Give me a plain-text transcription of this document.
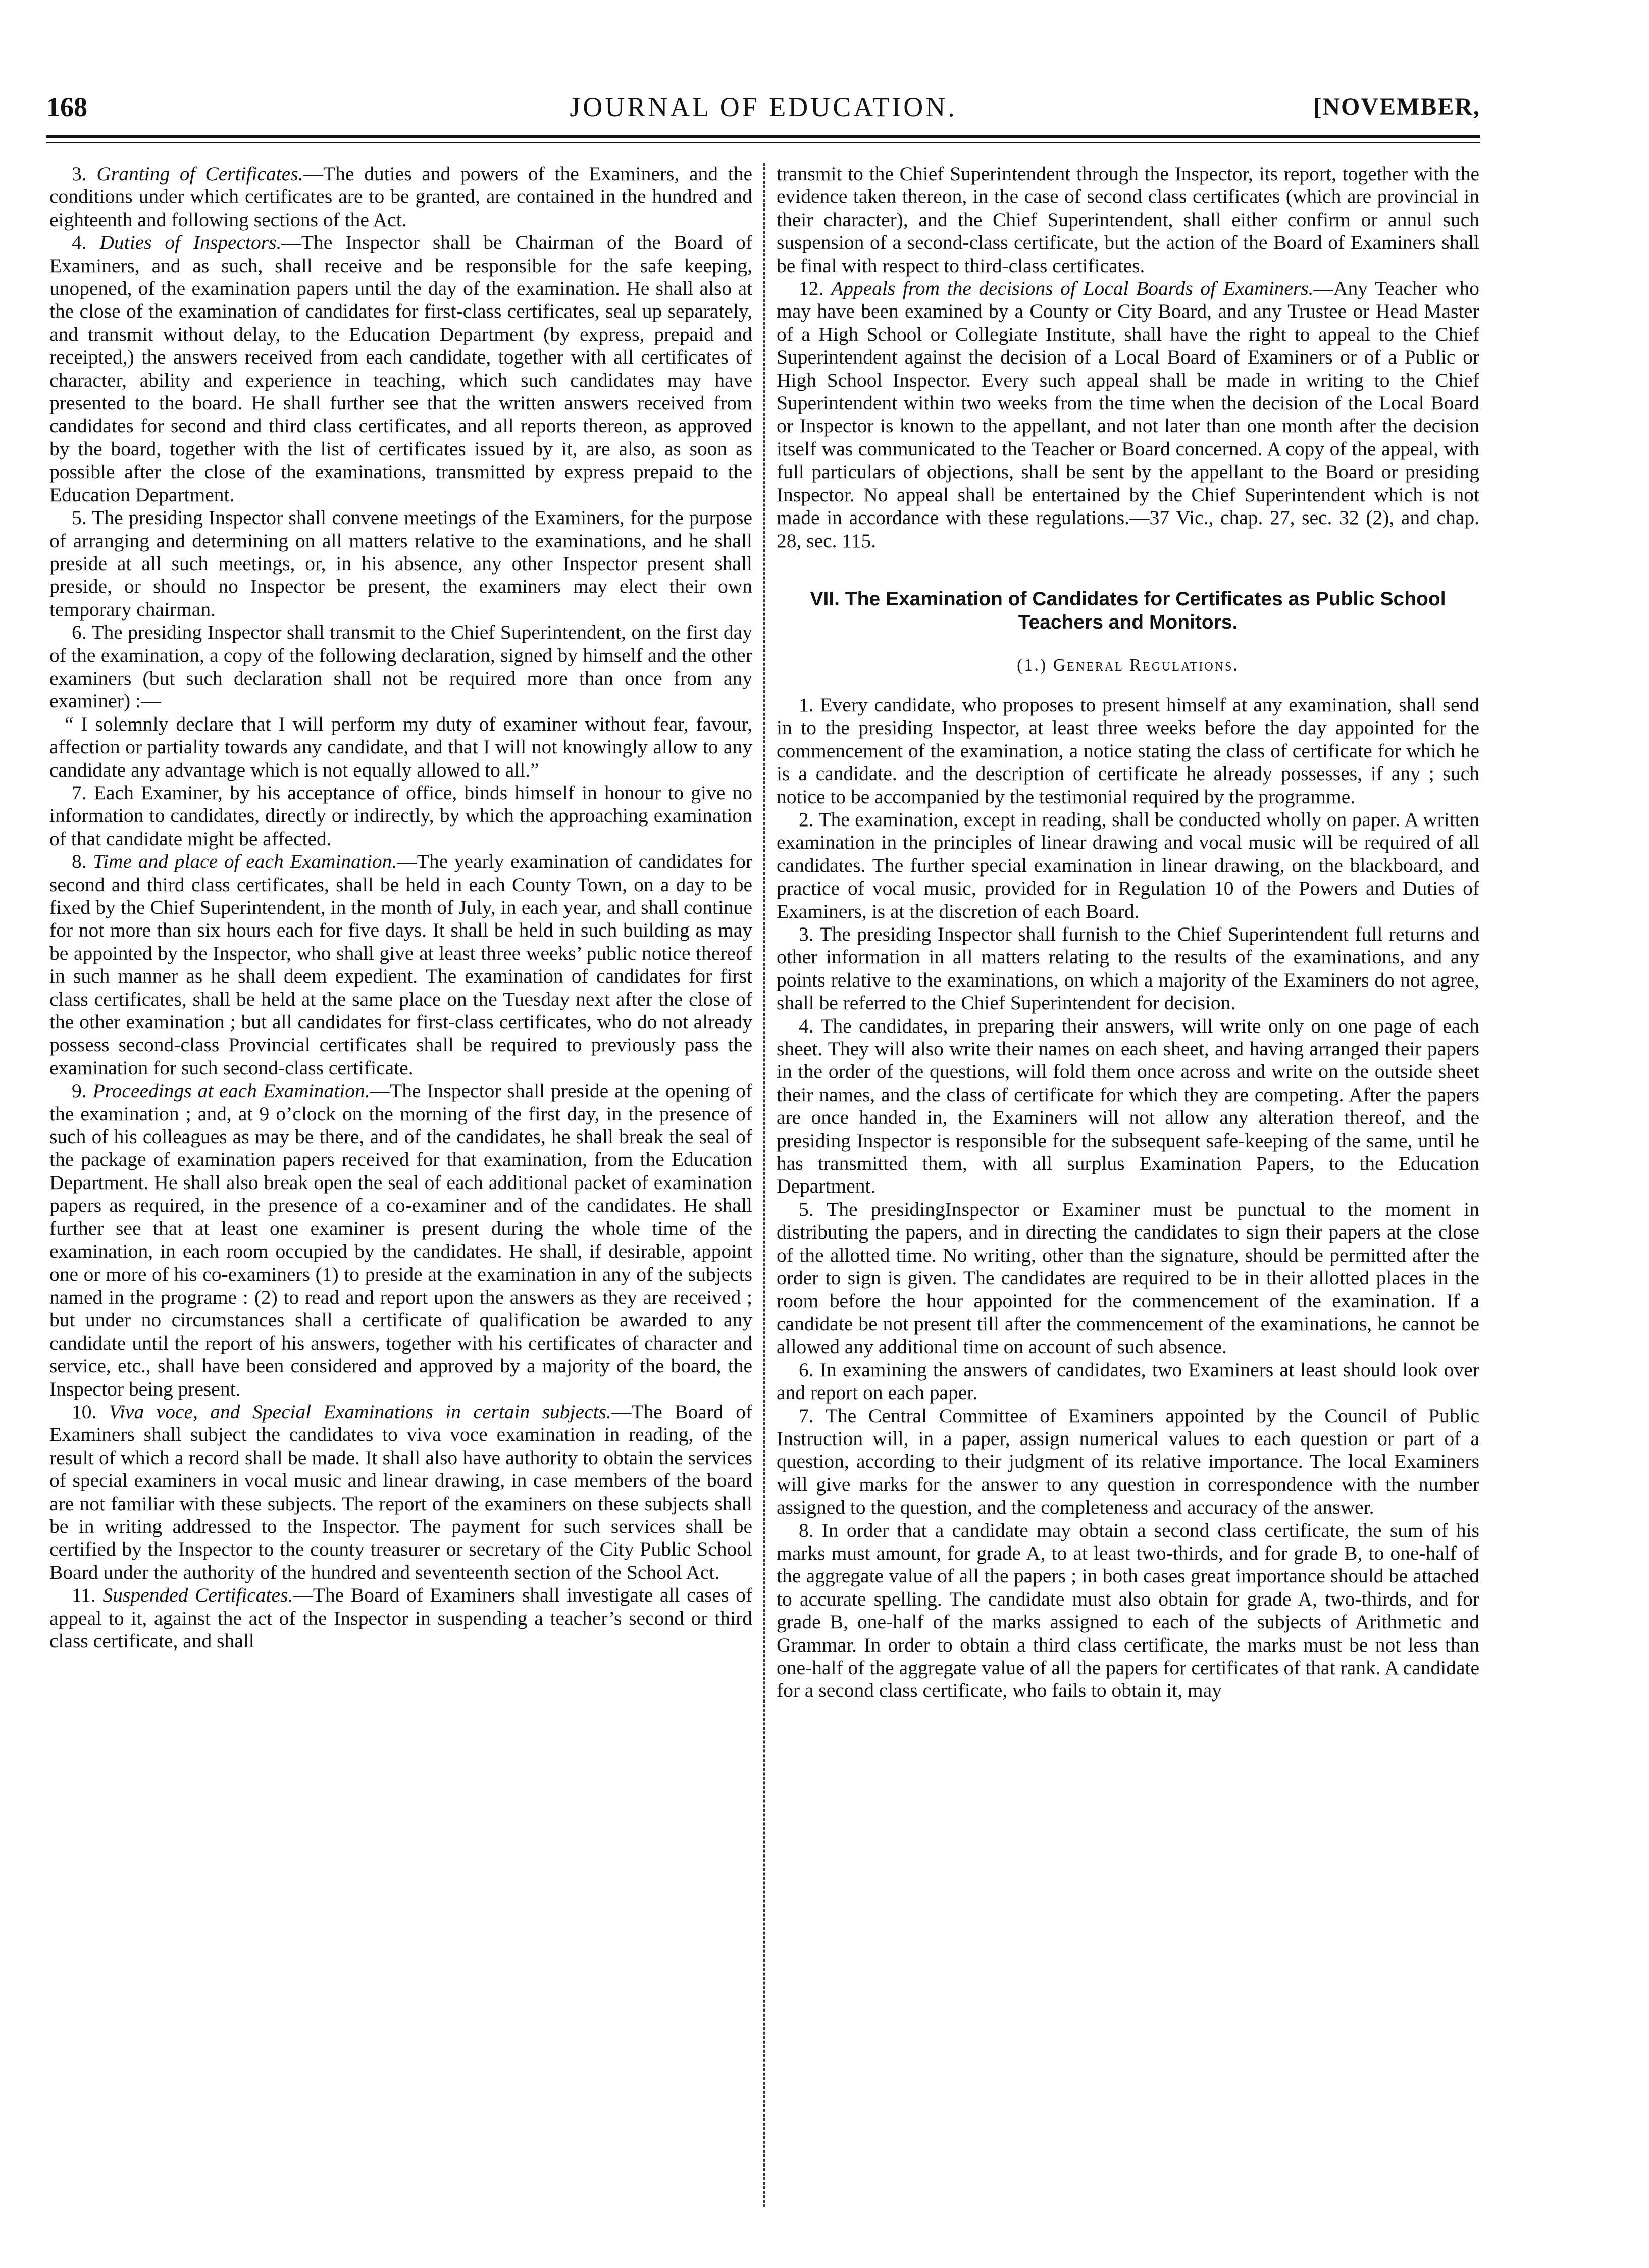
168	JOURNAL OF EDUCATION.	[NOVEMBER,

3. Granting of Certificates.—The duties and powers of the Examiners, and the conditions under which certificates are to be granted, are contained in the hundred and eighteenth and following sections of the Act.

4. Duties of Inspectors.—The Inspector shall be Chairman of the Board of Examiners, and as such, shall receive and be responsible for the safe keeping, unopened, of the examination papers until the day of the examination. He shall also at the close of the examination of candidates for first-class certificates, seal up separately, and transmit without delay, to the Education Department (by express, prepaid and receipted,) the answers received from each candidate, together with all certificates of character, ability and experience in teaching, which such candidates may have presented to the board. He shall further see that the written answers received from candidates for second and third class certificates, and all reports thereon, as approved by the board, together with the list of certificates issued by it, are also, as soon as possible after the close of the examinations, transmitted by express prepaid to the Education Department.

5. The presiding Inspector shall convene meetings of the Examiners, for the purpose of arranging and determining on all matters relative to the examinations, and he shall preside at all such meetings, or, in his absence, any other Inspector present shall preside, or should no Inspector be present, the examiners may elect their own temporary chairman.

6. The presiding Inspector shall transmit to the Chief Superintendent, on the first day of the examination, a copy of the following declaration, signed by himself and the other examiners (but such declaration shall not be required more than once from any examiner) :—

“ I solemnly declare that I will perform my duty of examiner without fear, favour, affection or partiality towards any candidate, and that I will not knowingly allow to any candidate any advantage which is not equally allowed to all.”

7. Each Examiner, by his acceptance of office, binds himself in honour to give no information to candidates, directly or indirectly, by which the approaching examination of that candidate might be affected.

8. Time and place of each Examination.—The yearly examination of candidates for second and third class certificates, shall be held in each County Town, on a day to be fixed by the Chief Superintendent, in the month of July, in each year, and shall continue for not more than six hours each for five days. It shall be held in such building as may be appointed by the Inspector, who shall give at least three weeks’ public notice thereof in such manner as he shall deem expedient. The examination of candidates for first class certificates, shall be held at the same place on the Tuesday next after the close of the other examination ; but all candidates for first-class certificates, who do not already possess second-class Provincial certificates shall be required to previously pass the examination for such second-class certificate.

9. Proceedings at each Examination.—The Inspector shall preside at the opening of the examination ; and, at 9 o’clock on the morning of the first day, in the presence of such of his colleagues as may be there, and of the candidates, he shall break the seal of the package of examination papers received for that examination, from the Education Department. He shall also break open the seal of each additional packet of examination papers as required, in the presence of a co-examiner and of the candidates. He shall further see that at least one examiner is present during the whole time of the examination, in each room occupied by the candidates. He shall, if desirable, appoint one or more of his co-examiners (1) to preside at the examination in any of the subjects named in the programe : (2) to read and report upon the answers as they are received ; but under no circumstances shall a certificate of qualification be awarded to any candidate until the report of his answers, together with his certificates of character and service, etc., shall have been considered and approved by a majority of the board, the Inspector being present.

10. Viva voce, and Special Examinations in certain subjects.—The Board of Examiners shall subject the candidates to viva voce examination in reading, of the result of which a record shall be made. It shall also have authority to obtain the services of special examiners in vocal music and linear drawing, in case members of the board are not familiar with these subjects. The report of the examiners on these subjects shall be in writing addressed to the Inspector. The payment for such services shall be certified by the Inspector to the county treasurer or secretary of the City Public School Board under the authority of the hundred and seventeenth section of the School Act.

11. Suspended Certificates.—The Board of Examiners shall investigate all cases of appeal to it, against the act of the Inspector in suspending a teacher’s second or third class certificate, and shall

transmit to the Chief Superintendent through the Inspector, its report, together with the evidence taken thereon, in the case of second class certificates (which are provincial in their character), and the Chief Superintendent, shall either confirm or annul such suspension of a second-class certificate, but the action of the Board of Examiners shall be final with respect to third-class certificates.

12. Appeals from the decisions of Local Boards of Examiners.—Any Teacher who may have been examined by a County or City Board, and any Trustee or Head Master of a High School or Collegiate Institute, shall have the right to appeal to the Chief Superintendent against the decision of a Local Board of Examiners or of a Public or High School Inspector. Every such appeal shall be made in writing to the Chief Superintendent within two weeks from the time when the decision of the Local Board or Inspector is known to the appellant, and not later than one month after the decision itself was communicated to the Teacher or Board concerned. A copy of the appeal, with full particulars of objections, shall be sent by the appellant to the Board or presiding Inspector. No appeal shall be entertained by the Chief Superintendent which is not made in accordance with these regulations.—37 Vic., chap. 27, sec. 32 (2), and chap. 28, sec. 115.

VII. The Examination of Candidates for Certificates as Public School Teachers and Monitors.
(1.) General Regulations.

1. Every candidate, who proposes to present himself at any examination, shall send in to the presiding Inspector, at least three weeks before the day appointed for the commencement of the examination, a notice stating the class of certificate for which he is a candidate. and the description of certificate he already possesses, if any ; such notice to be accompanied by the testimonial required by the programme.

2. The examination, except in reading, shall be conducted wholly on paper. A written examination in the principles of linear drawing and vocal music will be required of all candidates. The further special examination in linear drawing, on the blackboard, and practice of vocal music, provided for in Regulation 10 of the Powers and Duties of Examiners, is at the discretion of each Board.

3. The presiding Inspector shall furnish to the Chief Superintendent full returns and other information in all matters relating to the results of the examinations, and any points relative to the examinations, on which a majority of the Examiners do not agree, shall be referred to the Chief Superintendent for decision.

4. The candidates, in preparing their answers, will write only on one page of each sheet. They will also write their names on each sheet, and having arranged their papers in the order of the questions, will fold them once across and write on the outside sheet their names, and the class of certificate for which they are competing. After the papers are once handed in, the Examiners will not allow any alteration thereof, and the presiding Inspector is responsible for the subsequent safe-keeping of the same, until he has transmitted them, with all surplus Examination Papers, to the Education Department.

5. The presidingInspector or Examiner must be punctual to the moment in distributing the papers, and in directing the candidates to sign their papers at the close of the allotted time. No writing, other than the signature, should be permitted after the order to sign is given. The candidates are required to be in their allotted places in the room before the hour appointed for the commencement of the examination. If a candidate be not present till after the commencement of the examinations, he cannot be allowed any additional time on account of such absence.

6. In examining the answers of candidates, two Examiners at least should look over and report on each paper.

7. The Central Committee of Examiners appointed by the Council of Public Instruction will, in a paper, assign numerical values to each question or part of a question, according to their judgment of its relative importance. The local Examiners will give marks for the answer to any question in correspondence with the number assigned to the question, and the completeness and accuracy of the answer.

8. In order that a candidate may obtain a second class certificate, the sum of his marks must amount, for grade A, to at least two-thirds, and for grade B, to one-half of the aggregate value of all the papers ; in both cases great importance should be attached to accurate spelling. The candidate must also obtain for grade A, two-thirds, and for grade B, one-half of the marks assigned to each of the subjects of Arithmetic and Grammar. In order to obtain a third class certificate, the marks must be not less than one-half of the aggregate value of all the papers for certificates of that rank. A candidate for a second class certificate, who fails to obtain it, may
